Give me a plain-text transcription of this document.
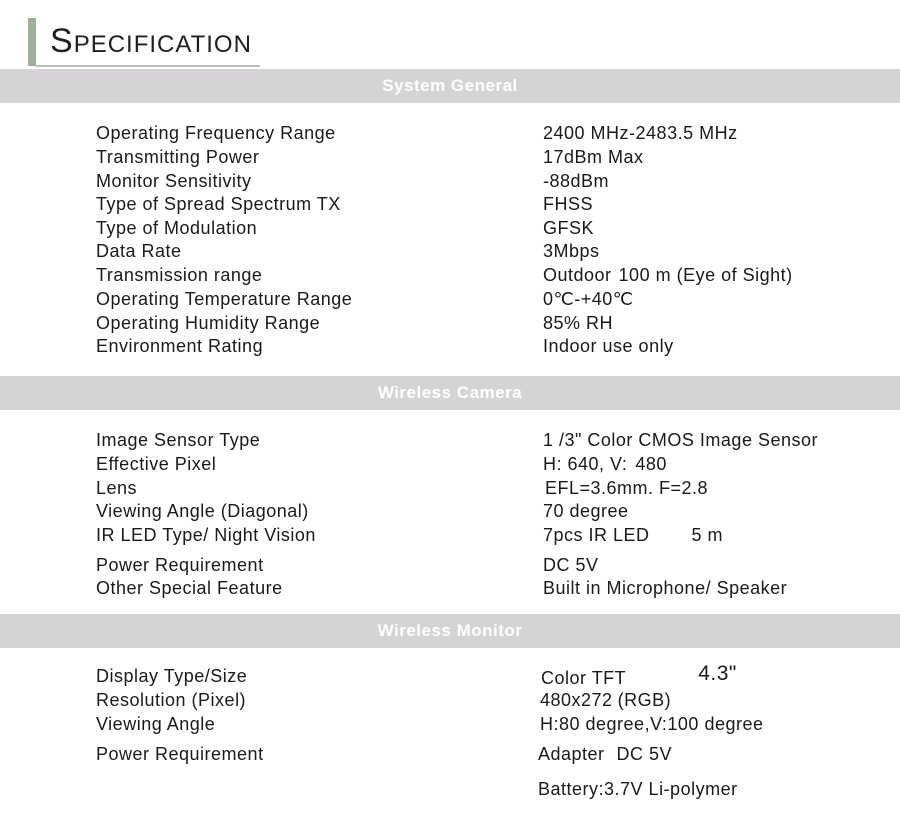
SPECIFICATION
System General
Operating Frequency Range	2400 MHz-2483.5 MHz
Transmitting Power	17dBm Max
Monitor Sensitivity	-88dBm
Type of Spread Spectrum TX	FHSS
Type of Modulation	GFSK
Data Rate	3Mbps
Transmission range	Outdoor 100 m (Eye of Sight)
Operating Temperature Range	0℃-+40℃
Operating Humidity Range	85% RH
Environment Rating	Indoor use only
Wireless Camera
Image Sensor Type	1 /3" Color CMOS Image Sensor
Effective Pixel	H: 640, V: 480
Lens	EFL=3.6mm. F=2.8
Viewing Angle (Diagonal)	70 degree
IR LED Type/ Night Vision	7pcs IR LED 5 m
Power Requirement	DC 5V
Other Special Feature	Built in Microphone/ Speaker
Wireless Monitor
Display Type/Size	Color TFT	4.3"
Resolution (Pixel)	480x272 (RGB)
Viewing Angle	H:80 degree,V:100 degree
Power Requirement	Adapter DC 5V
Battery:3.7V Li-polymer
